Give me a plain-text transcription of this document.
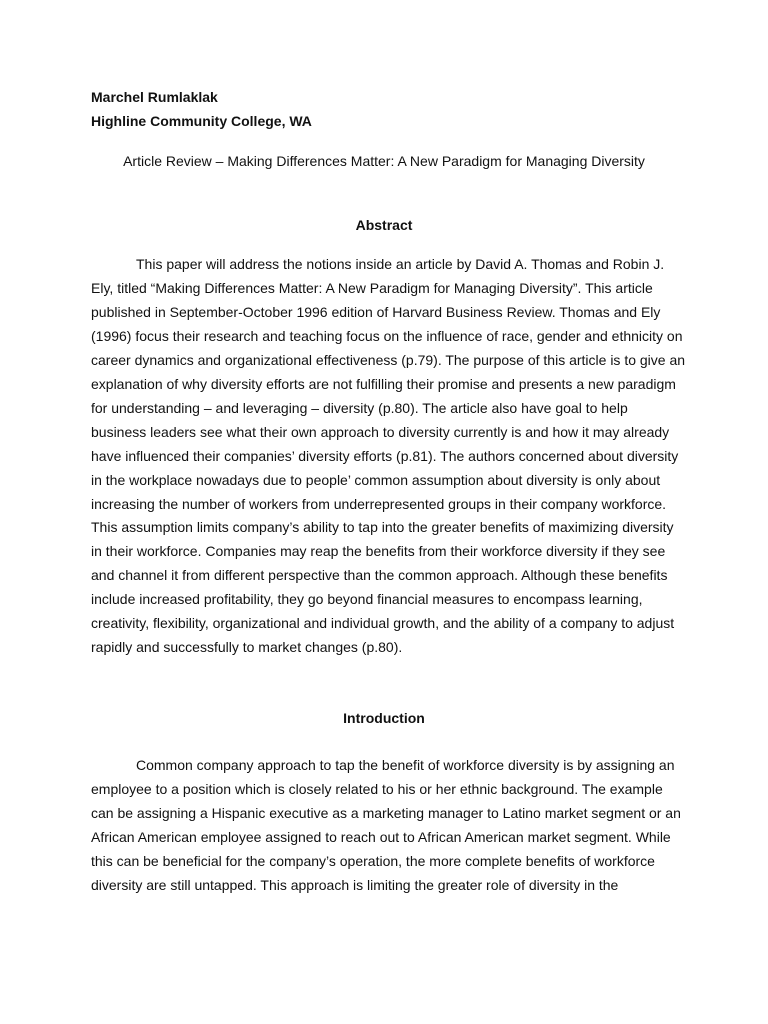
Marchel Rumlaklak
Highline Community College, WA
Article Review – Making Differences Matter: A New Paradigm for Managing Diversity
Abstract
This paper will address the notions inside an article by David A. Thomas and Robin J.
Ely, titled “Making Differences Matter: A New Paradigm for Managing Diversity”. This article
published in September-October 1996 edition of Harvard Business Review. Thomas and Ely
(1996) focus their research and teaching focus on the influence of race, gender and ethnicity on
career dynamics and organizational effectiveness (p.79). The purpose of this article is to give an
explanation of why diversity efforts are not fulfilling their promise and presents a new paradigm
for understanding – and leveraging – diversity (p.80). The article also have goal to help
business leaders see what their own approach to diversity currently is and how it may already
have influenced their companies’ diversity efforts (p.81). The authors concerned about diversity
in the workplace nowadays due to people’ common assumption about diversity is only about
increasing the number of workers from underrepresented groups in their company workforce.
This assumption limits company’s ability to tap into the greater benefits of maximizing diversity
in their workforce. Companies may reap the benefits from their workforce diversity if they see
and channel it from different perspective than the common approach. Although these benefits
include increased profitability, they go beyond financial measures to encompass learning,
creativity, flexibility, organizational and individual growth, and the ability of a company to adjust
rapidly and successfully to market changes (p.80).
Introduction
Common company approach to tap the benefit of workforce diversity is by assigning an
employee to a position which is closely related to his or her ethnic background. The example
can be assigning a Hispanic executive as a marketing manager to Latino market segment or an
African American employee assigned to reach out to African American market segment. While
this can be beneficial for the company’s operation, the more complete benefits of workforce
diversity are still untapped. This approach is limiting the greater role of diversity in the
